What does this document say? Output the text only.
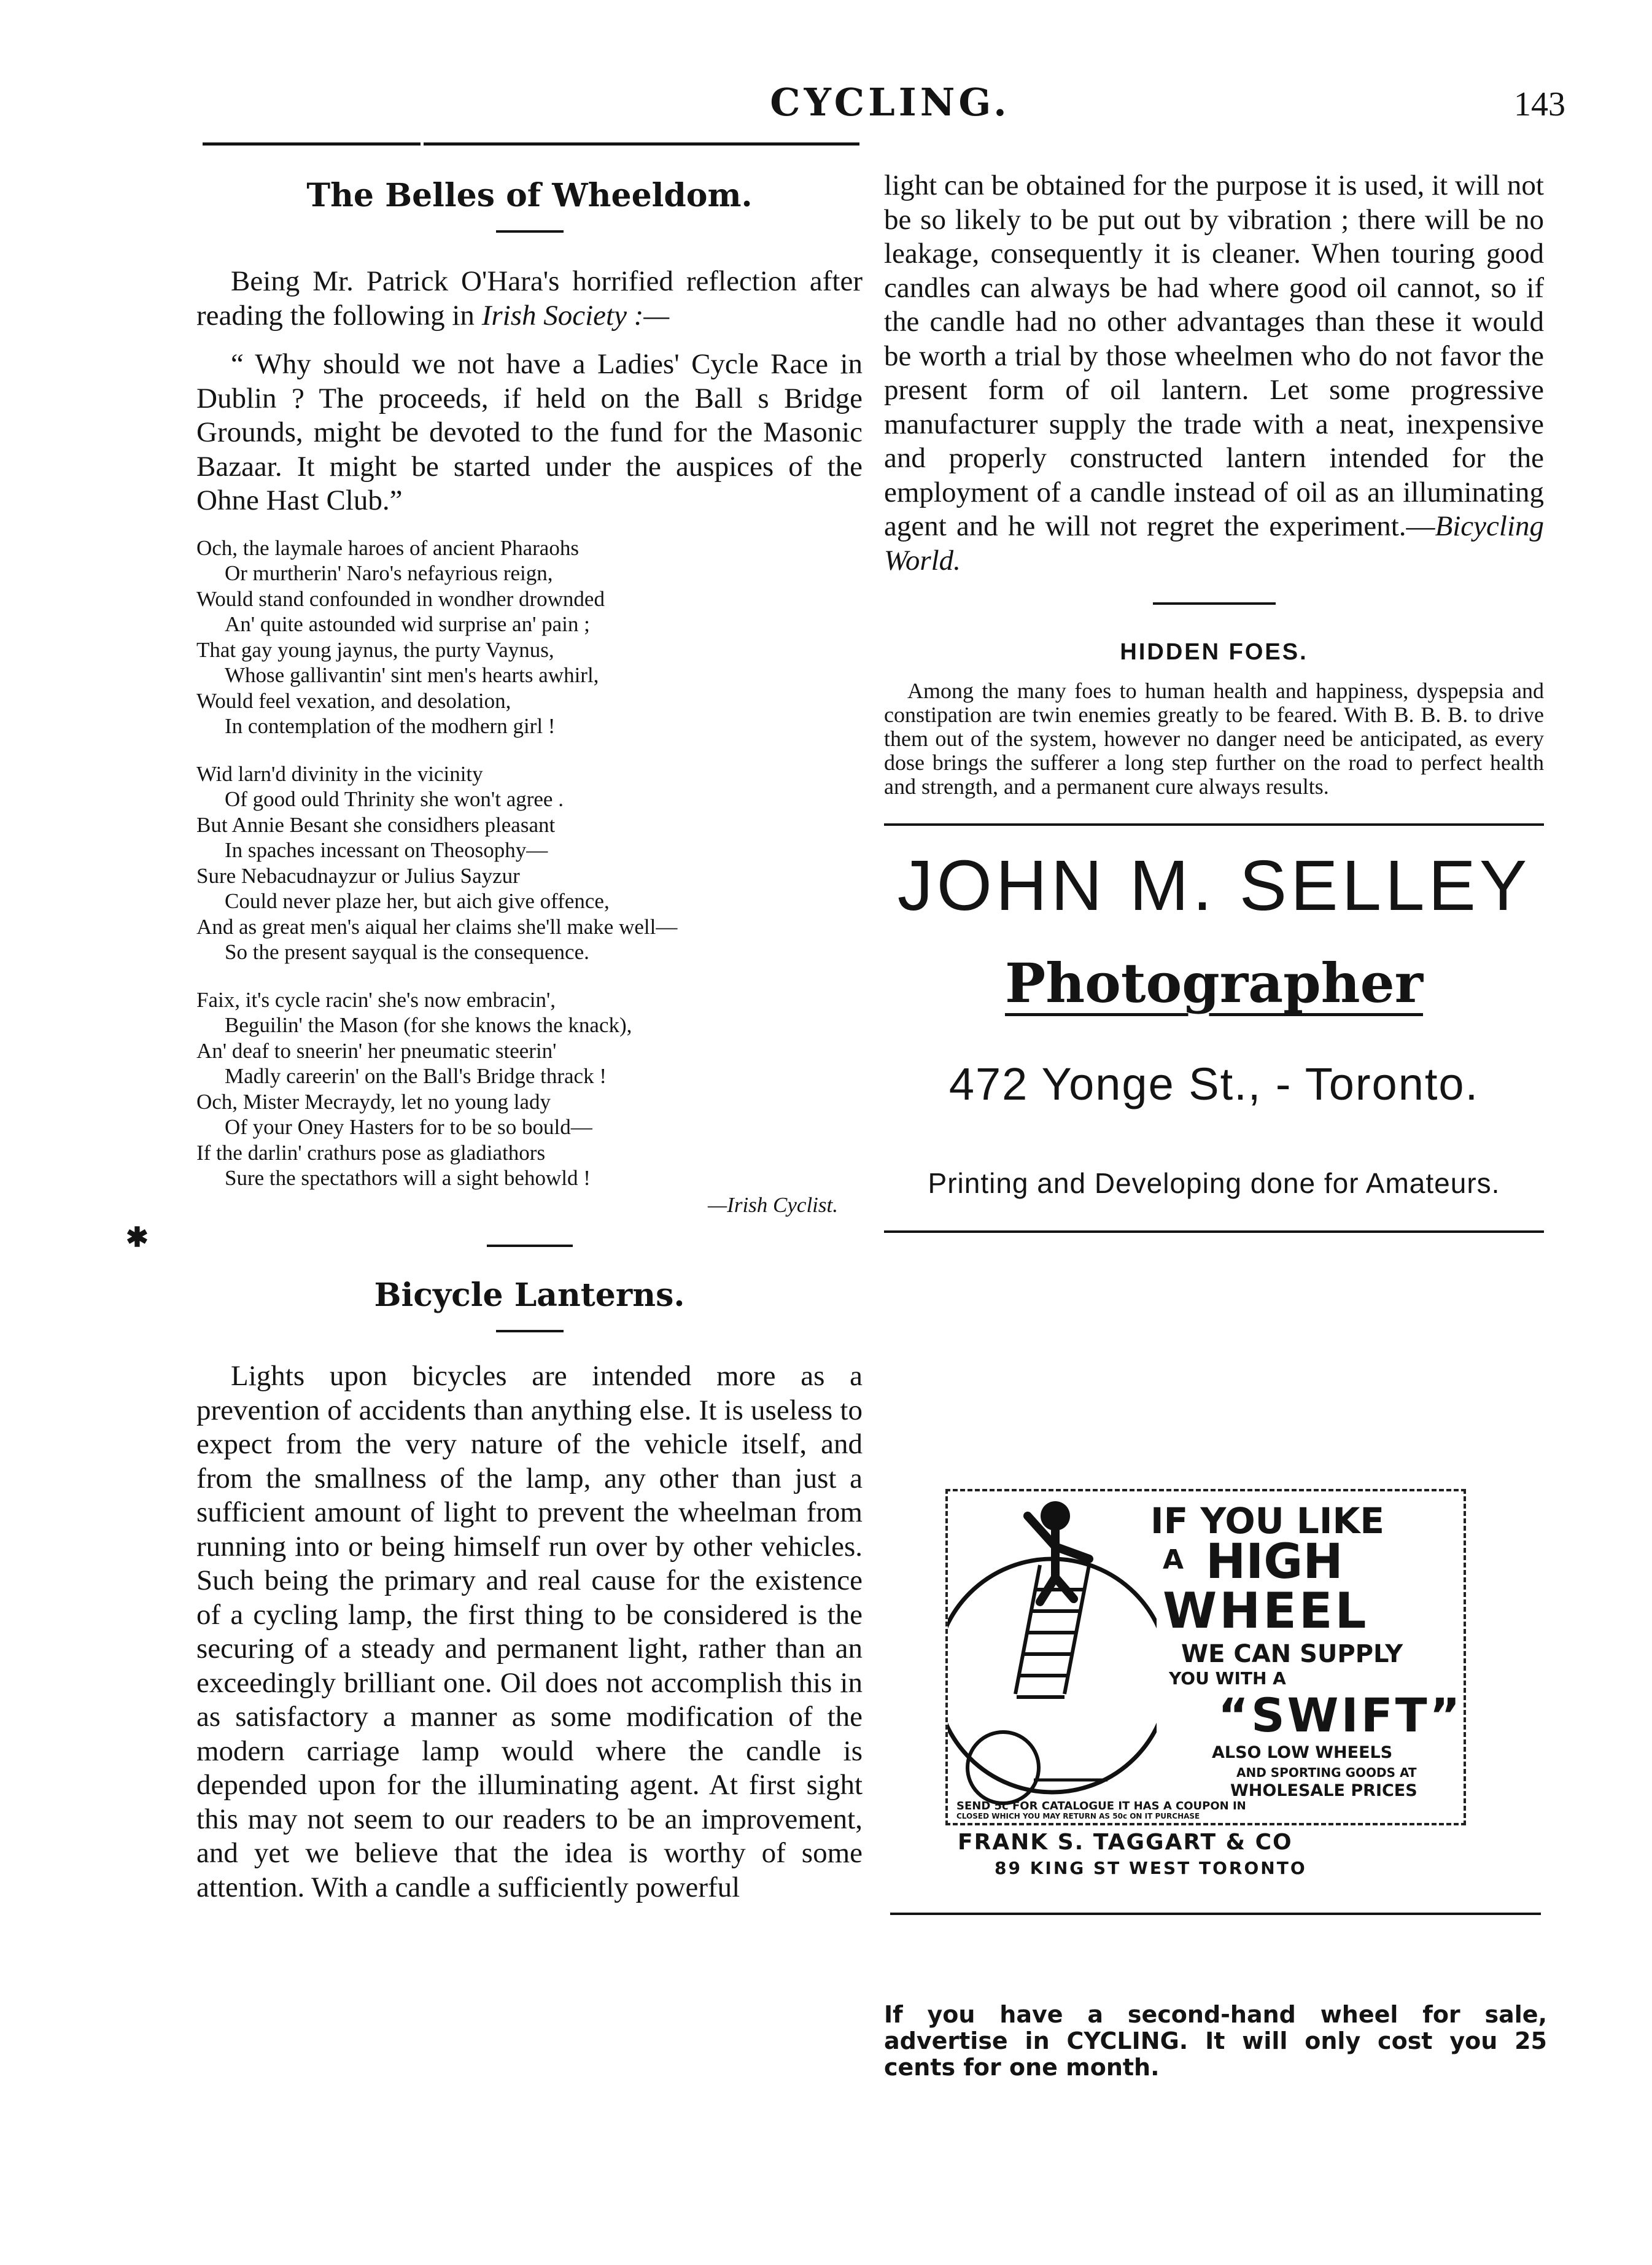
CYCLING.	143
The Belles of Wheeldom.

Being Mr. Patrick O'Hara's horrified reflection after reading the following in Irish Society :—

“ Why should we not have a Ladies' Cycle Race in Dublin ? The proceeds, if held on the Ball s Bridge Grounds, might be devoted to the fund for the Masonic Bazaar. It might be started under the auspices of the Ohne Hast Club.”

Och, the laymale haroes of ancient Pharaohs
Or murtherin' Naro's nefayrious reign,
Would stand confounded in wondher drownded
An' quite astounded wid surprise an' pain ;
That gay young jaynus, the purty Vaynus,
Whose gallivantin' sint men's hearts awhirl,
Would feel vexation, and desolation,
In contemplation of the modhern girl !
Wid larn'd divinity in the vicinity
Of good ould Thrinity she won't agree .
But Annie Besant she considhers pleasant
In spaches incessant on Theosophy—
Sure Nebacudnayzur or Julius Sayzur
Could never plaze her, but aich give offence,
And as great men's aiqual her claims she'll make well—
So the present sayqual is the consequence.
Faix, it's cycle racin' she's now embracin',
Beguilin' the Mason (for she knows the knack),
An' deaf to sneerin' her pneumatic steerin'
Madly careerin' on the Ball's Bridge thrack !
Och, Mister Mecraydy, let no young lady
Of your Oney Hasters for to be so bould—
If the darlin' crathurs pose as gladiathors
Sure the spectathors will a sight behowld !

—Irish Cyclist.

Bicycle Lanterns.

Lights upon bicycles are intended more as a prevention of accidents than anything else. It is useless to expect from the very nature of the vehicle itself, and from the smallness of the lamp, any other than just a sufficient amount of light to prevent the wheelman from running into or being himself run over by other vehicles. Such being the primary and real cause for the existence of a cycling lamp, the first thing to be considered is the securing of a steady and permanent light, rather than an exceedingly brilliant one. Oil does not accomplish this in as satisfactory a manner as some modification of the modern carriage lamp would where the candle is depended upon for the illuminating agent. At first sight this may not seem to our readers to be an improvement, and yet we believe that the idea is worthy of some attention. With a candle a sufficiently powerful

✱

light can be obtained for the purpose it is used, it will not be so likely to be put out by vibration ; there will be no leakage, consequently it is cleaner. When touring good candles can always be had where good oil cannot, so if the candle had no other advantages than these it would be worth a trial by those wheelmen who do not favor the present form of oil lantern. Let some progressive manufacturer supply the trade with a neat, inexpensive and properly constructed lantern intended for the employment of a candle instead of oil as an illuminating agent and he will not regret the experiment.—Bicycling World.

HIDDEN FOES.

Among the many foes to human health and happiness, dyspepsia and constipation are twin enemies greatly to be feared. With B. B. B. to drive them out of the system, however no danger need be anticipated, as every dose brings the sufferer a long step further on the road to perfect health and strength, and a permanent cure always results.

JOHN M. SELLEY

Photographer

472 Yonge St., - Toronto.

Printing and Developing done for Amateurs.

IF YOU LIKE
A HIGH
WHEEL
WE CAN SUPPLY
YOU WITH A
“SWIFT”
ALSO LOW WHEELS
AND SPORTING GOODS AT
WHOLESALE PRICES
SEND 5c FOR CATALOGUE IT HAS A COUPON IN
CLOSED WHICH YOU MAY RETURN AS 50c ON IT PURCHASE
FRANK S. TAGGART & CO
89 KING ST WEST TORONTO

If you have a second-hand wheel for sale, advertise in CYCLING. It will only cost you 25 cents for one month.
